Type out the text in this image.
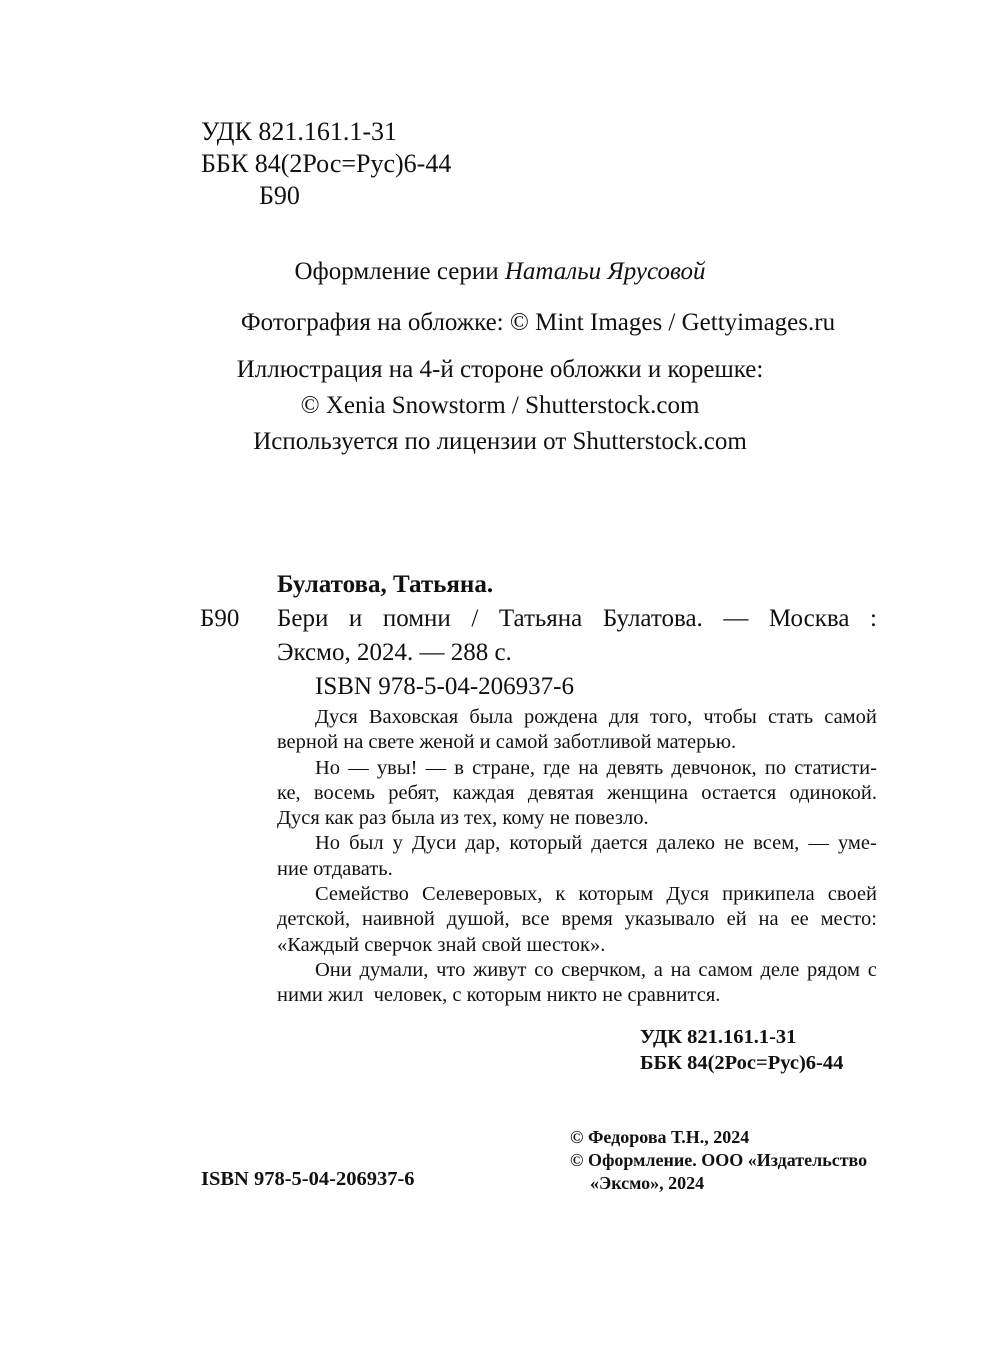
УДК 821.161.1-31
ББК 84(2Рос=Рус)6-44
Б90
Оформление серии Натальи Ярусовой
Фотография на обложке: © Mint Images / Gettyimages.ru
Иллюстрация на 4-й стороне обложки и корешке:
© Xenia Snowstorm / Shutterstock.com
Используется по лицензии от Shutterstock.com
Булатова, Татьяна.
Б90 Бери и помни / Татьяна Булатова. — Москва :
Эксмо, 2024. — 288 с.
ISBN 978-5-04-206937-6
Дуся Ваховская была рождена для того, чтобы стать самой
верной на свете женой и самой заботливой матерью.
Но — увы! — в стране, где на девять девчонок, по статисти-
ке, восемь ребят, каждая девятая женщина остается одинокой.
Дуся как раз была из тех, кому не повезло.
Но был у Дуси дар, который дается далеко не всем, — уме-
ние отдавать.
Семейство Селеверовых, к которым Дуся прикипела своей
детской, наивной душой, все время указывало ей на ее место:
«Каждый сверчок знай свой шесток».
Они думали, что живут со сверчком, а на самом деле рядом с
ними жил  человек, с которым никто не сравнится.
УДК 821.161.1-31
ББК 84(2Рос=Рус)6-44
© Федорова Т.Н., 2024
© Оформление. ООО «Издательство
«Эксмо», 2024
ISBN 978-5-04-206937-6
